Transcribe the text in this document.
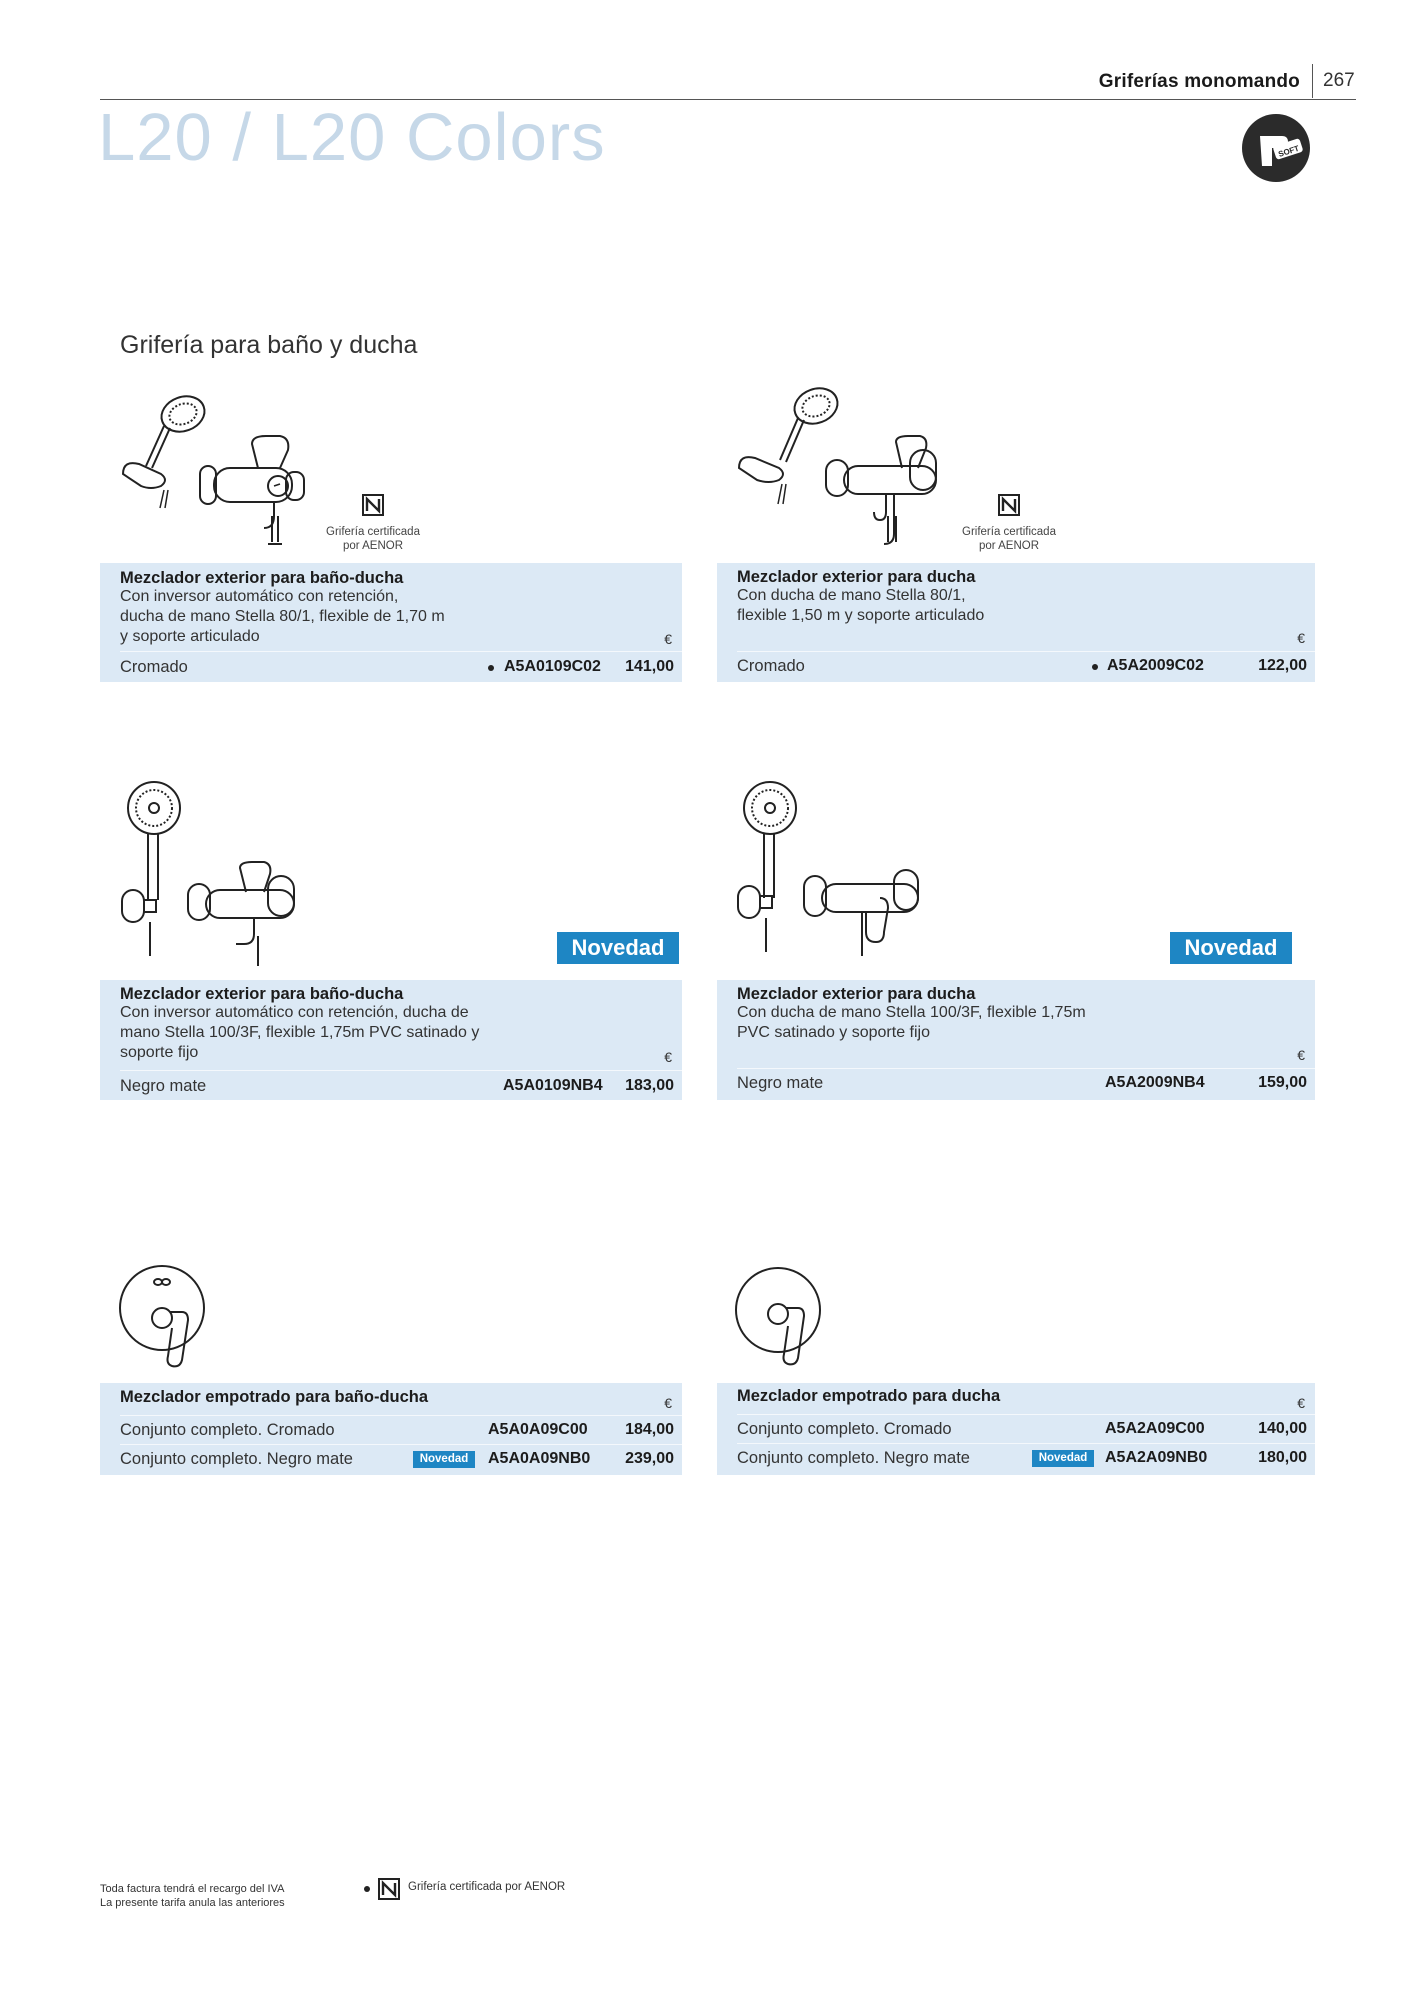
Griferías monomando 267
L20 / L20 Colors	SOFT
Grifería para baño y ducha
Grifería certificada
por AENOR
Mezclador exterior para baño-ducha
Con inversor automático con retención,
ducha de mano Stella 80/1, flexible de 1,70 m
y soporte articulado	€
Cromado	A5A0109C02 141,00
Grifería certificada
por AENOR
Mezclador exterior para ducha
Con ducha de mano Stella 80/1,
flexible 1,50 m y soporte articulado
€
Cromado	A5A2009C02	122,00
Novedad
Mezclador exterior para baño-ducha
Con inversor automático con retención, ducha de
mano Stella 100/3F, flexible 1,75m PVC satinado y
soporte fijo	€
Negro mate	A5A0109NB4 183,00
Novedad
Mezclador exterior para ducha
Con ducha de mano Stella 100/3F, flexible 1,75m
PVC satinado y soporte fijo
€
Negro mate	A5A2009NB4	159,00
Mezclador empotrado para baño-ducha	€
Conjunto completo. Cromado	A5A0A09C00 184,00
Conjunto completo. Negro mate	Novedad	A5A0A09NB0 239,00
Mezclador empotrado para ducha	€
Conjunto completo. Cromado	A5A2A09C00	140,00
Conjunto completo. Negro mate	Novedad	A5A2A09NB0	180,00
Toda factura tendrá el recargo del IVA
La presente tarifa anula las anteriores
Grifería certificada por AENOR
